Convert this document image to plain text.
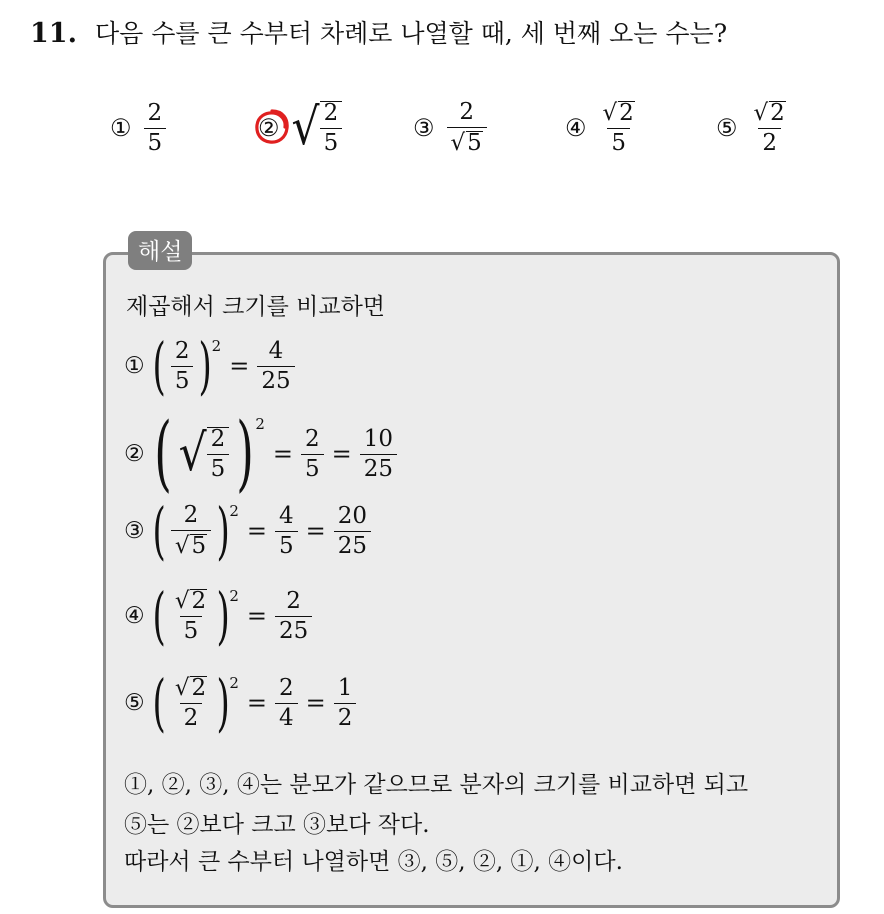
11. 다음 수를 큰 수부터 차례로 나열할 때, 세 번째 오는 수는?
① $\frac{2}{5}$	② √ $\frac{2}{5}$	③ $\frac{2}{√5}$	④ $\frac{√2}{5}$	⑤ $\frac{√2}{2}$
해설
제곱해서 크기를 비교하면
① ( $\frac{2}{5}$ ) 2
= $\frac{4}{25}$
② ( √ $\frac{2}{5}$ ) 2
= $\frac{2}{5} = \frac{10}{25}$
③ ( $\frac{2}{√5}$ ) 2
= $\frac{4}{5} = \frac{20}{25}$
④ ( $\frac{√2}{5}$ ) 2
= $\frac{2}{25}$
⑤ ( $\frac{√2}{2}$ ) 2
= $\frac{2}{4} = \frac{1}{2}$
①, ②, ③, ④는 분모가 같으므로 분자의 크기를 비교하면 되고
⑤는 ②보다 크고 ③보다 작다.
따라서 큰 수부터 나열하면 ③, ⑤, ②, ①, ④이다.
